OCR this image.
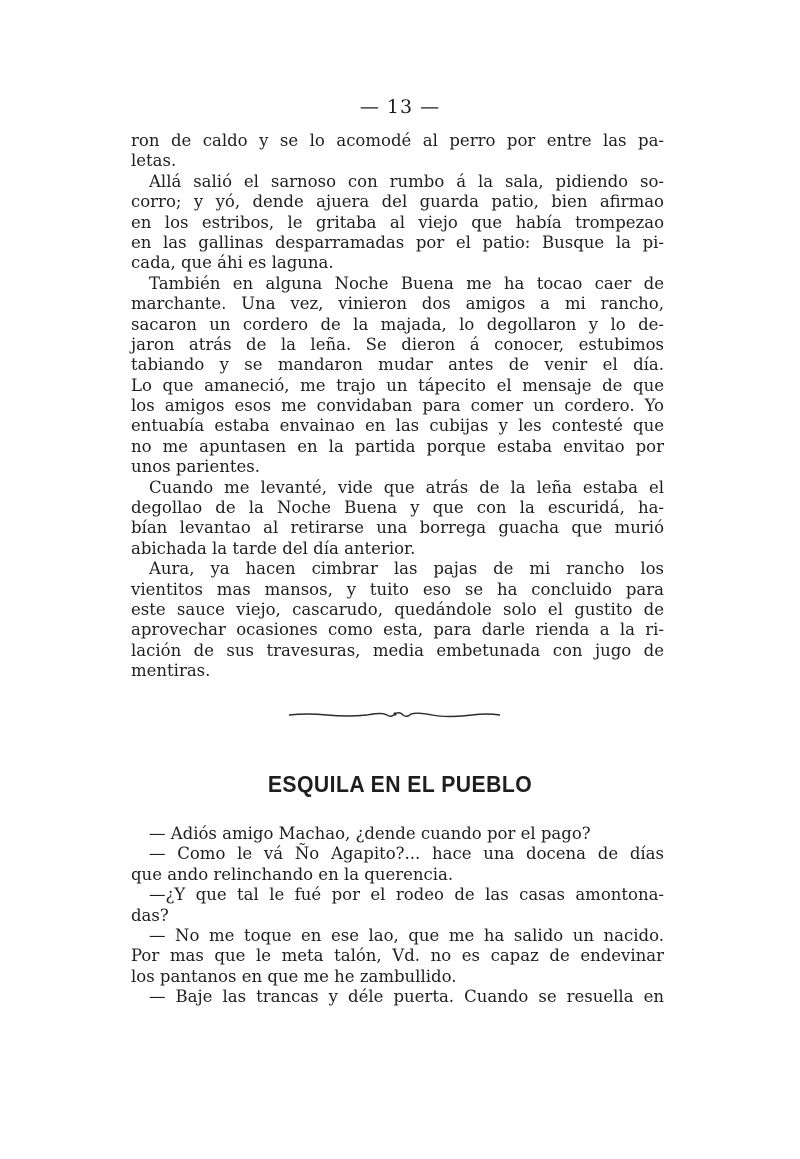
— 13 —
ron de caldo y se lo acomodé al perro por entre las pa-
letas.
Allá salió el sarnoso con rumbo á la sala, pidiendo so-
corro; y yó, dende ajuera del guarda patio, bien afirmao
en los estribos, le gritaba al viejo que había trompezao
en las gallinas desparramadas por el patio: Busque la pi-
cada, que áhi es laguna.
También en alguna Noche Buena me ha tocao caer de
marchante. Una vez, vinieron dos amigos a mi rancho,
sacaron un cordero de la majada, lo degollaron y lo de-
jaron atrás de la leña. Se dieron á conocer, estubimos
tabiando y se mandaron mudar antes de venir el día.
Lo que amaneció, me trajo un tápecito el mensaje de que
los amigos esos me convidaban para comer un cordero. Yo
entuabía estaba envainao en las cubijas y les contesté que
no me apuntasen en la partida porque estaba envitao por
unos parientes.
Cuando me levanté, vide que atrás de la leña estaba el
degollao de la Noche Buena y que con la escuridá, ha-
bían levantao al retirarse una borrega guacha que murió
abichada la tarde del día anterior.
Aura, ya hacen cimbrar las pajas de mi rancho los
vientitos mas mansos, y tuito eso se ha concluido para
este sauce viejo, cascarudo, quedándole solo el gustito de
aprovechar ocasiones como esta, para darle rienda a la ri-
lación de sus travesuras, media embetunada con jugo de
mentiras.
ESQUILA EN EL PUEBLO
— Adiós amigo Machao, ¿dende cuando por el pago?
— Como le vá Ño Agapito?... hace una docena de días
que ando relinchando en la querencia.
—¿Y que tal le fué por el rodeo de las casas amontona-
das?
— No me toque en ese lao, que me ha salido un nacido.
Por mas que le meta talón, Vd. no es capaz de endevinar
los pantanos en que me he zambullido.
— Baje las trancas y déle puerta. Cuando se resuella en
